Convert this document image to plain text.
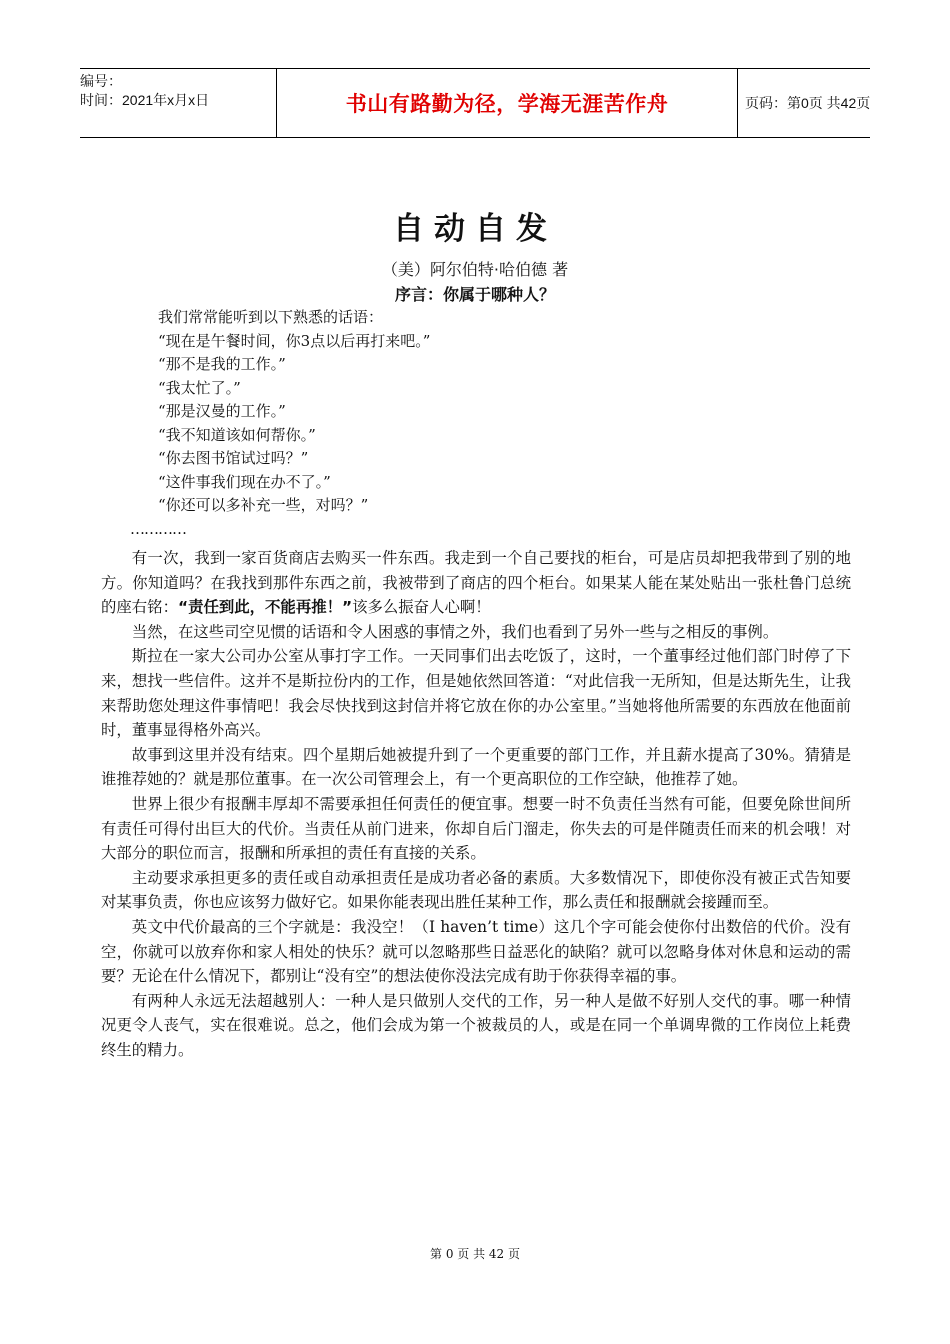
编号：
时间：2021年x月x日	书山有路勤为径，学海无涯苦作舟	页码：第0页 共42页
自动自发
（美）阿尔伯特·哈伯德 著
序言：你属于哪种人？

我们常常能听到以下熟悉的话语：

“现在是午餐时间，你3点以后再打来吧。”

“那不是我的工作。”

“我太忙了。”

“那是汉曼的工作。”

“我不知道该如何帮你。”

“你去图书馆试过吗？”

“这件事我们现在办不了。”

“你还可以多补充一些，对吗？”

…………

有一次，我到一家百货商店去购买一件东西。我走到一个自己要找的柜台，可是店员却把我带到了别的地方。你知道吗？在我找到那件东西之前，我被带到了商店的四个柜台。如果某人能在某处贴出一张杜鲁门总统的座右铭：“责任到此，不能再推！”该多么振奋人心啊！

当然，在这些司空见惯的话语和令人困惑的事情之外，我们也看到了另外一些与之相反的事例。

斯拉在一家大公司办公室从事打字工作。一天同事们出去吃饭了，这时，一个董事经过他们部门时停了下来，想找一些信件。这并不是斯拉份内的工作，但是她依然回答道：“对此信我一无所知，但是达斯先生，让我来帮助您处理这件事情吧！我会尽快找到这封信并将它放在你的办公室里。”当她将他所需要的东西放在他面前时，董事显得格外高兴。

故事到这里并没有结束。四个星期后她被提升到了一个更重要的部门工作，并且薪水提高了30%。猜猜是谁推荐她的？就是那位董事。在一次公司管理会上，有一个更高职位的工作空缺，他推荐了她。

世界上很少有报酬丰厚却不需要承担任何责任的便宜事。想要一时不负责任当然有可能，但要免除世间所有责任可得付出巨大的代价。当责任从前门进来，你却自后门溜走，你失去的可是伴随责任而来的机会哦！对大部分的职位而言，报酬和所承担的责任有直接的关系。

主动要求承担更多的责任或自动承担责任是成功者必备的素质。大多数情况下，即使你没有被正式告知要对某事负责，你也应该努力做好它。如果你能表现出胜任某种工作，那么责任和报酬就会接踵而至。

英文中代价最高的三个字就是：我没空！（I haven’t time）这几个字可能会使你付出数倍的代价。没有空，你就可以放弃你和家人相处的快乐？就可以忽略那些日益恶化的缺陷？就可以忽略身体对休息和运动的需要？无论在什么情况下，都别让“没有空”的想法使你没法完成有助于你获得幸福的事。

有两种人永远无法超越别人：一种人是只做别人交代的工作，另一种人是做不好别人交代的事。哪一种情况更令人丧气，实在很难说。总之，他们会成为第一个被裁员的人，或是在同一个单调卑微的工作岗位上耗费终生的精力。

第 0 页 共 42 页
